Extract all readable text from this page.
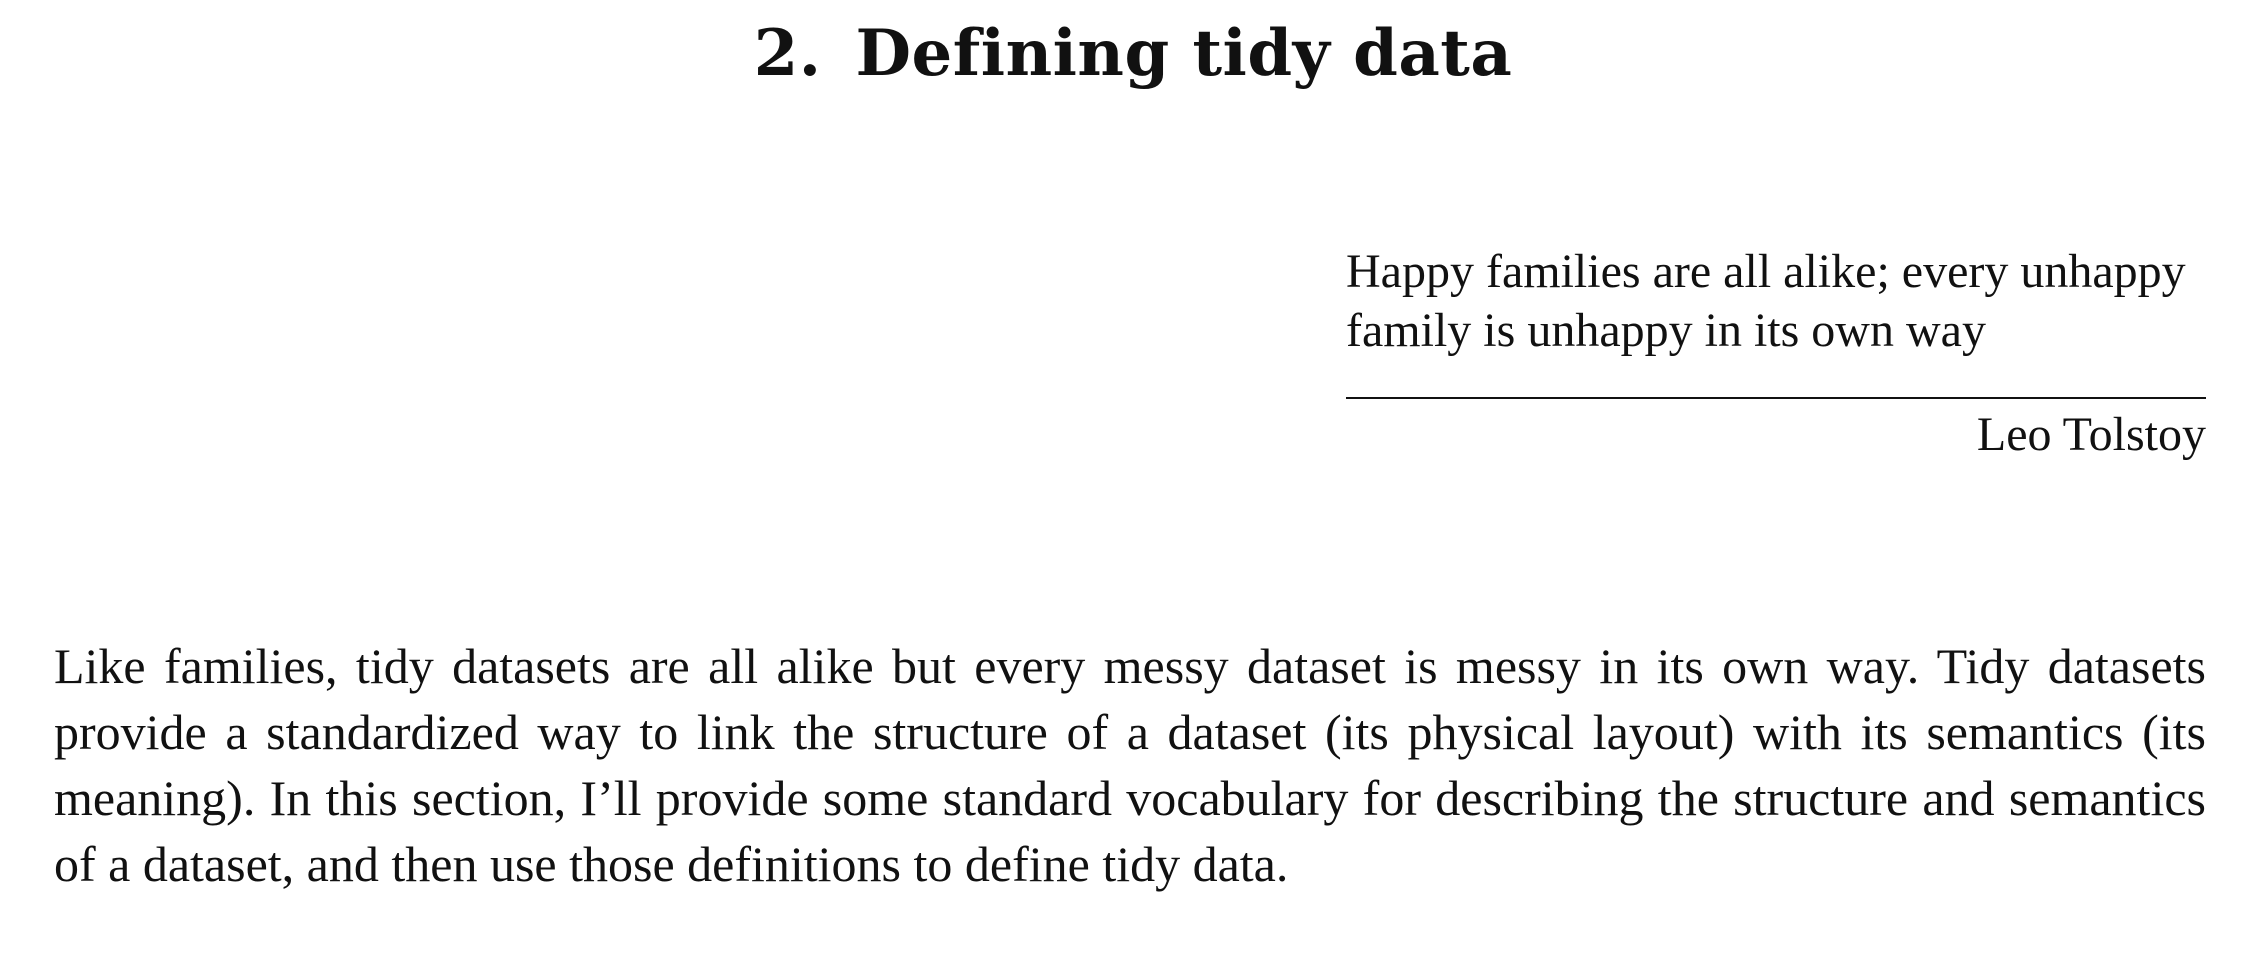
2. Defining tidy data

Happy families are all alike; every unhappy family is unhappy in its own way

Leo Tolstoy

Like families, tidy datasets are all alike but every messy dataset is messy in its own way. Tidy datasets provide a standardized way to link the structure of a dataset (its physical layout) with its semantics (its meaning). In this section, I’ll provide some standard vocabulary for describing the structure and semantics of a dataset, and then use those definitions to define tidy data.
